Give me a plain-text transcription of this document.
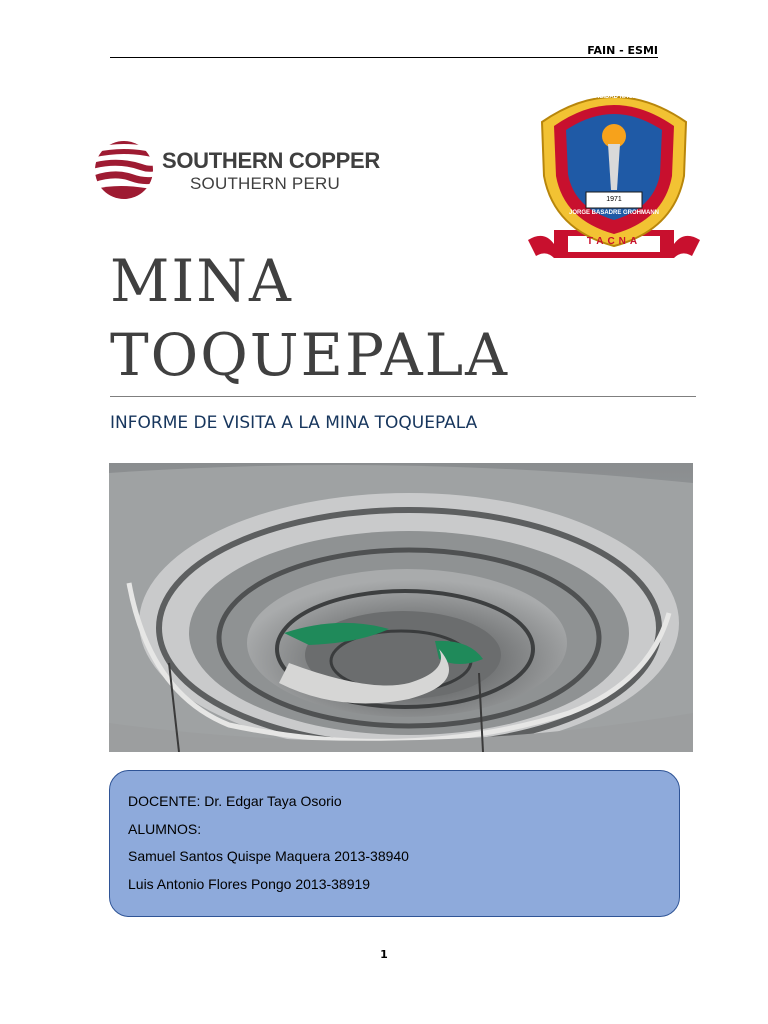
FAIN - ESMI
SOUTHERN COPPER
SOUTHERN PERU
UNIVERSIDAD NACIONAL
JORGE BASADRE GROHMANN
1971
TACNA
MINA
TOQUEPALA
INFORME DE VISITA A LA MINA TOQUEPALA

DOCENTE: Dr. Edgar Taya Osorio

ALUMNOS:

Samuel Santos Quispe Maquera 2013-38940

Luis Antonio Flores Pongo 2013-38919

1
